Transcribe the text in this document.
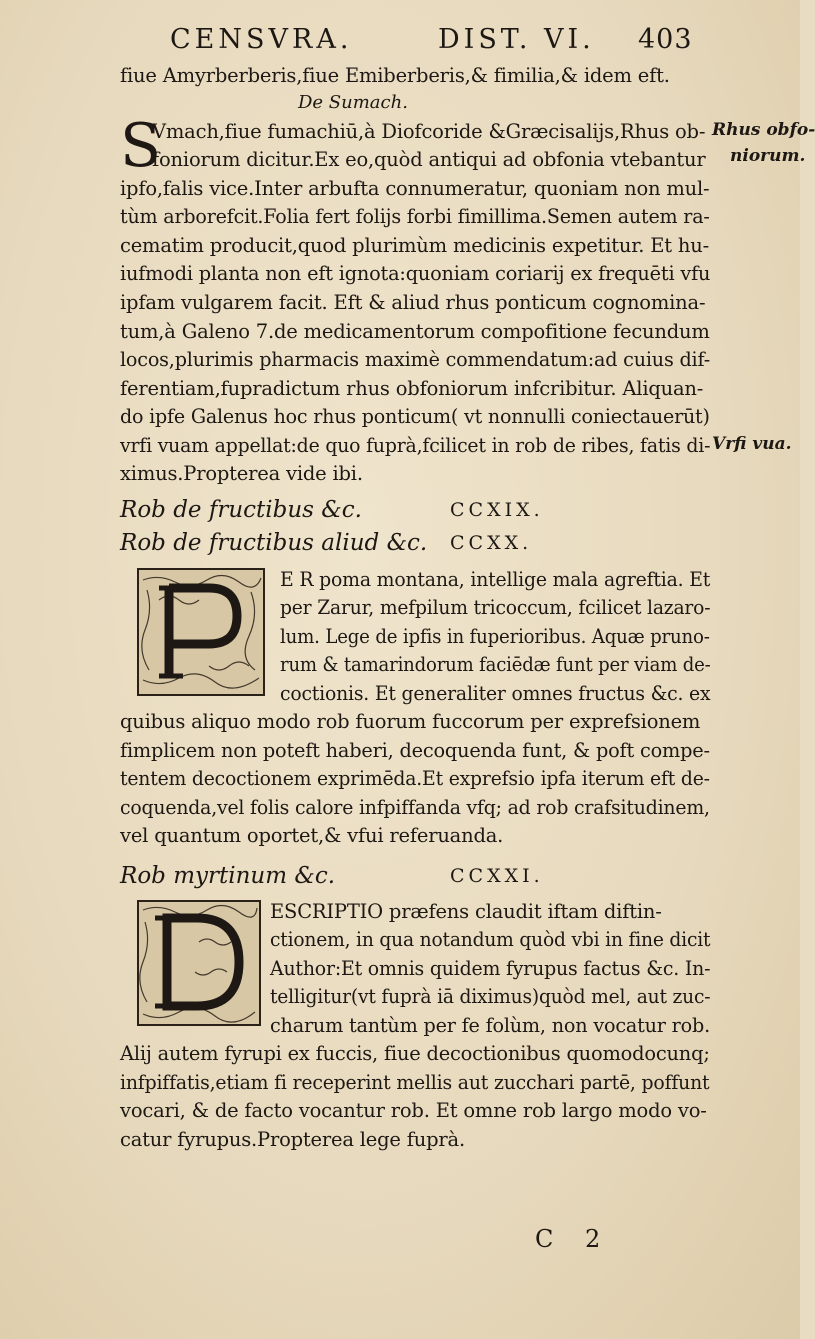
CENSVRA.	DIST. VI. 403
fiue Amyrberberis,fiue Emiberberis,& fimilia,& idem eft.
De Sumach.
S
Vmach,fiue fumachiū,à Diofcoride &Græcisalijs,Rhus ob-
foniorum dicitur.Ex eo,quòd antiqui ad obfonia vtebantur
ipfo,falis vice.Inter arbufta connumeratur, quoniam non mul-
tùm arborefcit.Folia fert folijs forbi fimillima.Semen autem ra-
cematim producit,quod plurimùm medicinis expetitur. Et hu-
iufmodi planta non eft ignota:quoniam coriarij ex frequēti vfu
ipfam vulgarem facit. Eft & aliud rhus ponticum cognomina-
tum,à Galeno 7.de medicamentorum compofitione fecundum
locos,plurimis pharmacis maximè commendatum:ad cuius dif-
ferentiam,fupradictum rhus obfoniorum infcribitur. Aliquan-
do ipfe Galenus hoc rhus ponticum( vt nonnulli coniectauerūt)
vrfi vuam appellat:de quo fuprà,fcilicet in rob de ribes, fatis di-
ximus.Propterea vide ibi.
Rhus obfo-
niorum.
Vrfi vua.
Rob de fructibus &c.	CCXIX.
Rob de fructibus aliud &c. CCXX.
E R poma montana, intellige mala agreftia. Et
per Zarur, mefpilum tricoccum, fcilicet lazaro-
lum. Lege de ipfis in fuperioribus. Aquæ pruno-
rum & tamarindorum faciēdæ funt per viam de-
coctionis. Et generaliter omnes fructus &c. ex
quibus aliquo modo rob fuorum fuccorum per exprefsionem
fimplicem non poteft haberi, decoquenda funt, & poft compe-
tentem decoctionem exprimēda.Et exprefsio ipfa iterum eft de-
coquenda,vel folis calore infpiffanda vfq; ad rob crafsitudinem,
vel quantum oportet,& vfui referuanda.
Rob myrtinum &c.	CCXXI.
ESCRIPTIO præfens claudit iftam diftin-
ctionem, in qua notandum quòd vbi in fine dicit
Author:Et omnis quidem fyrupus factus &c. In-
telligitur(vt fuprà iā diximus)quòd mel, aut zuc-
charum tantùm per fe folùm, non vocatur rob.
Alij autem fyrupi ex fuccis, fiue decoctionibus quomodocunq;
infpiffatis,etiam fi receperint mellis aut zucchari partē, poffunt
vocari, & de facto vocantur rob. Et omne rob largo modo vo-
catur fyrupus.Propterea lege fuprà.
C 2
